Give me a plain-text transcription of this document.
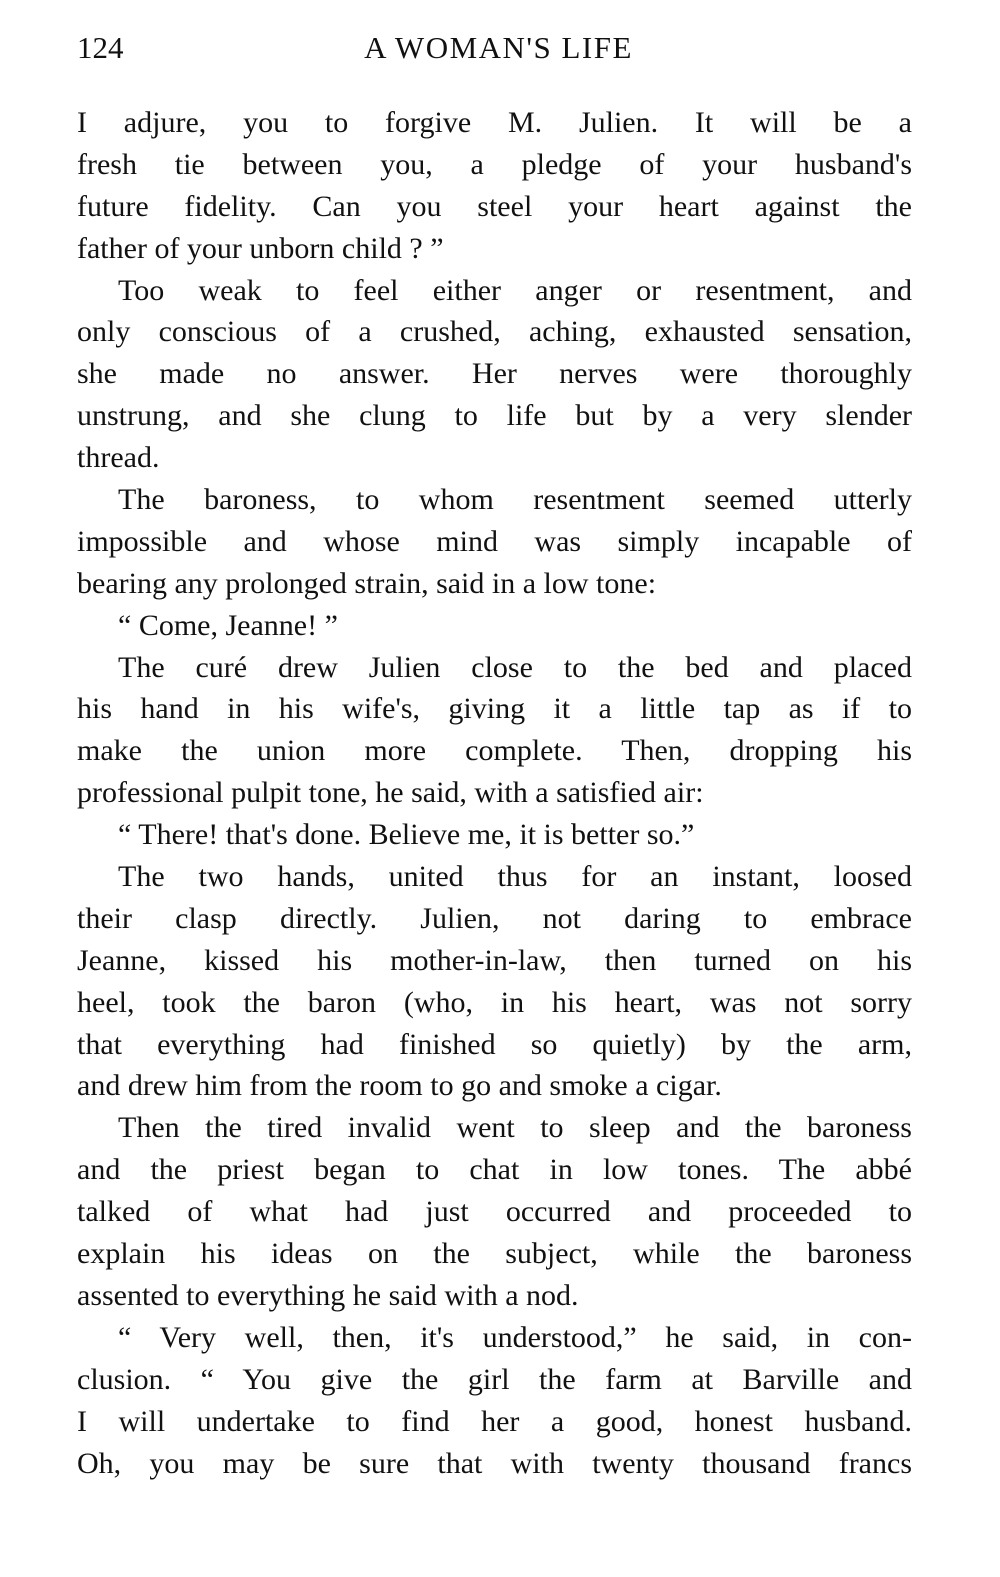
124	A WOMAN'S LIFE
I adjure, you to forgive M. Julien. It will be a
fresh tie between you, a pledge of your husband's
future fidelity. Can you steel your heart against the
father of your unborn child ? ”
Too weak to feel either anger or resentment, and
only conscious of a crushed, aching, exhausted sensation,
she made no answer. Her nerves were thoroughly
unstrung, and she clung to life but by a very slender
thread.
The baroness, to whom resentment seemed utterly
impossible and whose mind was simply incapable of
bearing any prolonged strain, said in a low tone:
“ Come, Jeanne! ”
The curé drew Julien close to the bed and placed
his hand in his wife's, giving it a little tap as if to
make the union more complete. Then, dropping his
professional pulpit tone, he said, with a satisfied air:
“ There! that's done. Believe me, it is better so.”
The two hands, united thus for an instant, loosed
their clasp directly. Julien, not daring to embrace
Jeanne, kissed his mother-in-law, then turned on his
heel, took the baron (who, in his heart, was not sorry
that everything had finished so quietly) by the arm,
and drew him from the room to go and smoke a cigar.
Then the tired invalid went to sleep and the baroness
and the priest began to chat in low tones. The abbé
talked of what had just occurred and proceeded to
explain his ideas on the subject, while the baroness
assented to everything he said with a nod.
“ Very well, then, it's understood,” he said, in con-
clusion. “ You give the girl the farm at Barville and
I will undertake to find her a good, honest husband.
Oh, you may be sure that with twenty thousand francs
